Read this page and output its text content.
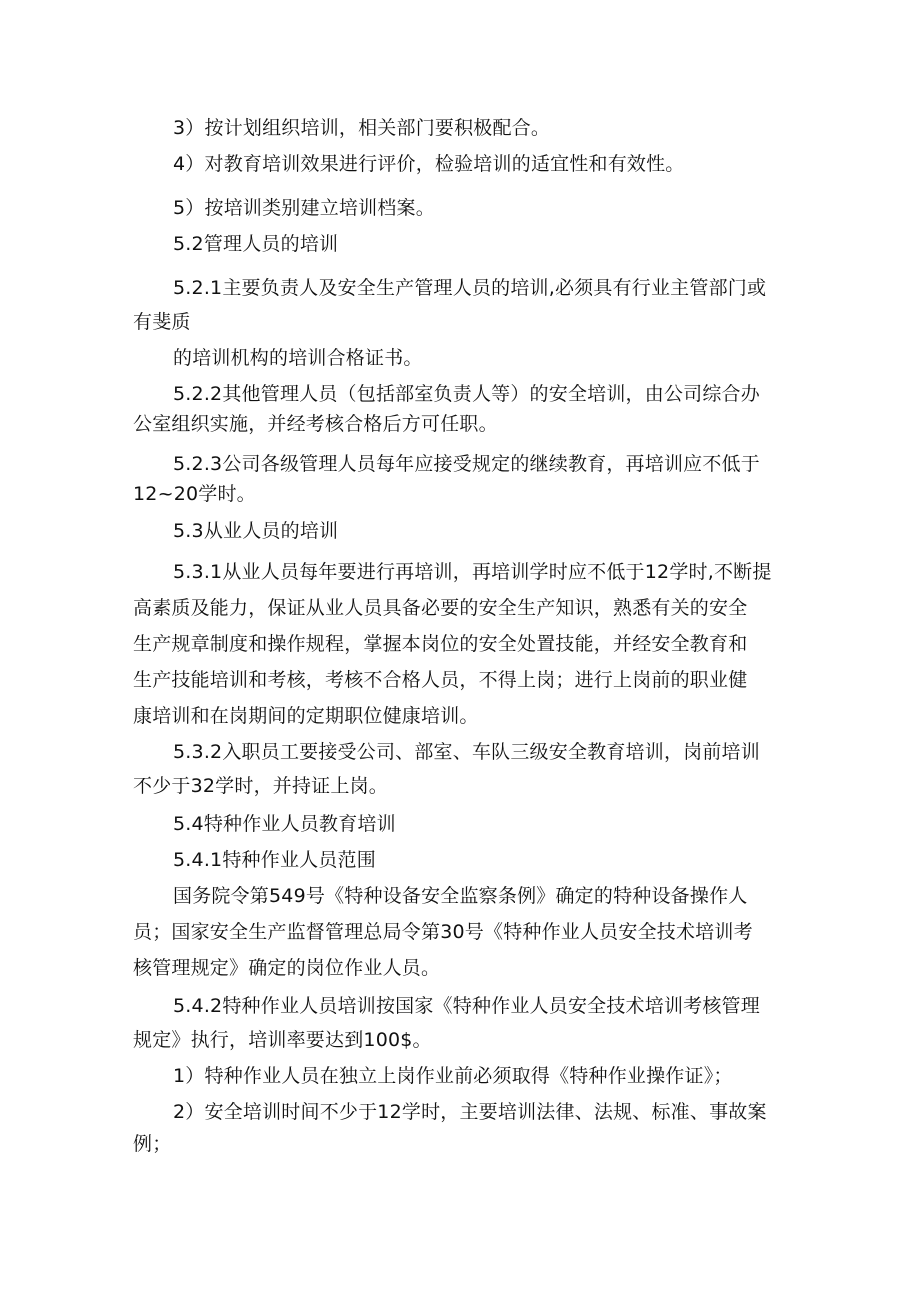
3）按计划组织培训，相关部门要积极配合。
4）对教育培训效果进行评价，检验培训的适宜性和有效性。
5）按培训类别建立培训档案。
5.2管理人员的培训
5.2.1主要负责人及安全生产管理人员的培训,必须具有行业主管部门或
有斐质
的培训机构的培训合格证书。
5.2.2其他管理人员（包括部室负责人等）的安全培训，由公司综合办
公室组织实施，并经考核合格后方可任职。
5.2.3公司各级管理人员每年应接受规定的继续教育，再培训应不低于
12~20学时。
5.3从业人员的培训
5.3.1从业人员每年要进行再培训，再培训学时应不低于12学时,不断提
高素质及能力，保证从业人员具备必要的安全生产知识，熟悉有关的安全
生产规章制度和操作规程，掌握本岗位的安全处置技能，并经安全教育和
生产技能培训和考核，考核不合格人员，不得上岗；进行上岗前的职业健
康培训和在岗期间的定期职位健康培训。
5.3.2入职员工要接受公司、部室、车队三级安全教育培训，岗前培训
不少于32学时，并持证上岗。
5.4特种作业人员教育培训
5.4.1特种作业人员范围
国务院令第549号《特种设备安全监察条例》确定的特种设备操作人
员；国家安全生产监督管理总局令第30号《特种作业人员安全技术培训考
核管理规定》确定的岗位作业人员。
5.4.2特种作业人员培训按国家《特种作业人员安全技术培训考核管理
规定》执行，培训率要达到100$。
1）特种作业人员在独立上岗作业前必须取得《特种作业操作证》；
2）安全培训时间不少于12学时，主要培训法律、法规、标准、事故案
例；
